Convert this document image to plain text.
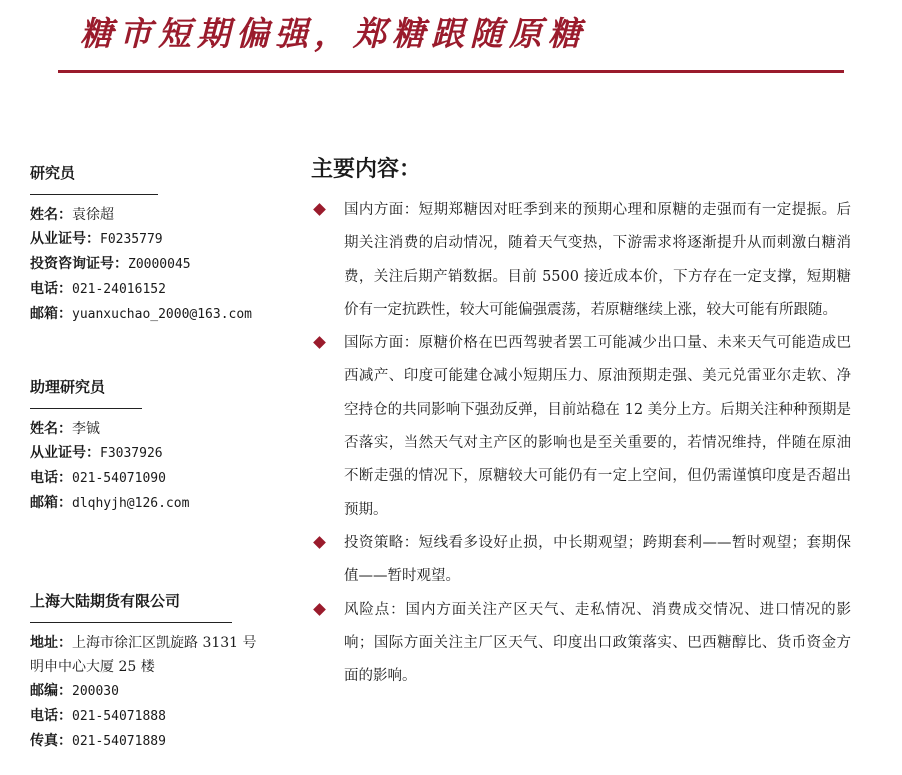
糖市短期偏强，郑糖跟随原糖
研究员
姓名：袁徐超
从业证号：F0235779
投资咨询证号：Z0000045
电话：021-24016152
邮箱：yuanxuchao_2000@163.com
助理研究员
姓名：李铖
从业证号：F3037926
电话：021-54071090
邮箱：dlqhyjh@126.com
上海大陆期货有限公司
地址：上海市徐汇区凯旋路 3131 号
明申中心大厦 25 楼
邮编：200030
电话：021-54071888
传真：021-54071889
主要内容：
国内方面：短期郑糖因对旺季到来的预期心理和原糖的走强而有一定提振。后期关注消费的启动情况，随着天气变热，下游需求将逐渐提升从而刺激白糖消费，关注后期产销数据。目前 5500 接近成本价，下方存在一定支撑，短期糖价有一定抗跌性，较大可能偏强震荡，若原糖继续上涨，较大可能有所跟随。
国际方面：原糖价格在巴西驾驶者罢工可能减少出口量、未来天气可能造成巴西减产、印度可能建仓减小短期压力、原油预期走强、美元兑雷亚尔走软、净空持仓的共同影响下强劲反弹，目前站稳在 12 美分上方。后期关注种种预期是否落实，当然天气对主产区的影响也是至关重要的，若情况维持，伴随在原油不断走强的情况下，原糖较大可能仍有一定上空间，但仍需谨慎印度是否超出预期。
投资策略：短线看多设好止损，中长期观望；跨期套利——暂时观望；套期保值——暂时观望。
风险点：国内方面关注产区天气、走私情况、消费成交情况、进口情况的影响；国际方面关注主厂区天气、印度出口政策落实、巴西糖醇比、货币资金方面的影响。
